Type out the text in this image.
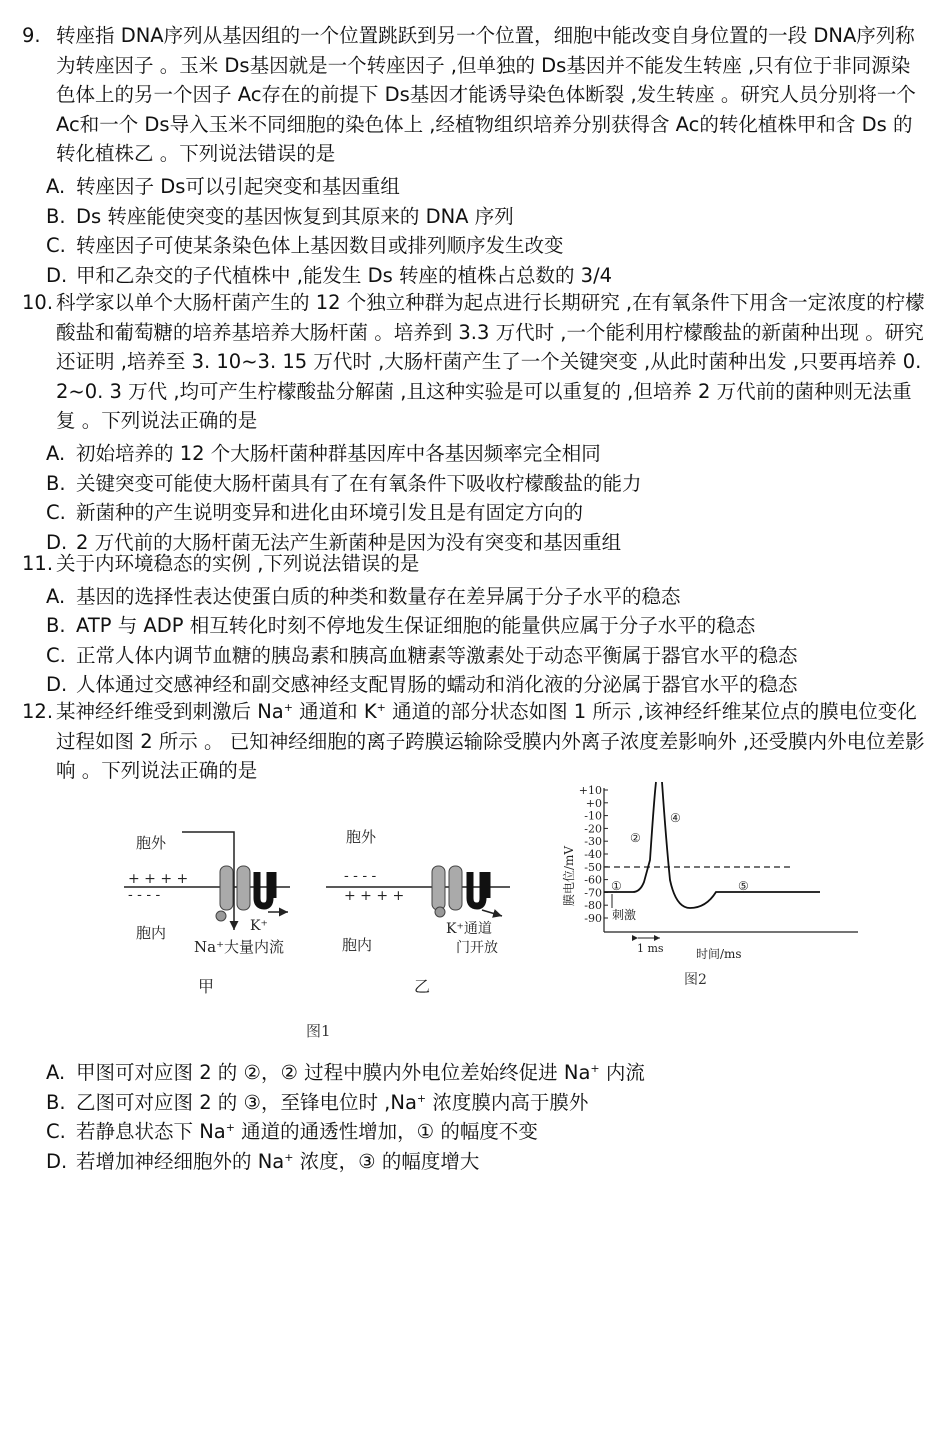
9. 转座指 DNA序列从基因组的一个位置跳跃到另一个位置，细胞中能改变自身位置的一段 DNA序列称为转座因子 。玉米 Ds基因就是一个转座因子 ,但单独的 Ds基因并不能发生转座 ,只有位于非同源染色体上的另一个因子 Ac存在的前提下 Ds基因才能诱导染色体断裂 ,发生转座 。研究人员分别将一个 Ac和一个 Ds导入玉米不同细胞的染色体上 ,经植物组织培养分别获得含 Ac的转化植株甲和含 Ds 的转化植株乙 。下列说法错误的是

A. 转座因子 Ds可以引起突变和基因重组

B. Ds 转座能使突变的基因恢复到其原来的 DNA 序列

C. 转座因子可使某条染色体上基因数目或排列顺序发生改变

D. 甲和乙杂交的子代植株中 ,能发生 Ds 转座的植株占总数的 3/4

10. 科学家以单个大肠杆菌产生的 12 个独立种群为起点进行长期研究 ,在有氧条件下用含一定浓度的柠檬酸盐和葡萄糖的培养基培养大肠杆菌 。培养到 3.3 万代时 ,一个能利用柠檬酸盐的新菌种出现 。研究还证明 ,培养至 3. 10~3. 15 万代时 ,大肠杆菌产生了一个关键突变 ,从此时菌种出发 ,只要再培养 0. 2~0. 3 万代 ,均可产生柠檬酸盐分解菌 ,且这种实验是可以重复的 ,但培养 2 万代前的菌种则无法重复 。下列说法正确的是

A. 初始培养的 12 个大肠杆菌种群基因库中各基因频率完全相同

B. 关键突变可能使大肠杆菌具有了在有氧条件下吸收柠檬酸盐的能力

C. 新菌种的产生说明变异和进化由环境引发且是有固定方向的

D. 2 万代前的大肠杆菌无法产生新菌种是因为没有突变和基因重组

11. 关于内环境稳态的实例 ,下列说法错误的是

A. 基因的选择性表达使蛋白质的种类和数量存在差异属于分子水平的稳态

B. ATP 与 ADP 相互转化时刻不停地发生保证细胞的能量供应属于分子水平的稳态

C. 正常人体内调节血糖的胰岛素和胰高血糖素等激素处于动态平衡属于器官水平的稳态

D. 人体通过交感神经和副交感神经支配胃肠的蠕动和消化液的分泌属于器官水平的稳态

12. 某神经纤维受到刺激后 Na+ 通道和 K+ 通道的部分状态如图 1 所示 ,该神经纤维某位点的膜电位变化过程如图 2 所示 。 已知神经细胞的离子跨膜运输除受膜内外离子浓度差影响外 ,还受膜内外电位差影响 。下列说法正确的是

胞外
+ + + +
- - - -
胞内	K⁺
Na⁺大量内流
甲
胞外
- - - -
+ + + +
胞内
K⁺通道
门开放
乙
图1
膜电位/mV
+10
+0
-10
-20
-30
-40
-50
-60
-70
-80
-90
①
②
④
⑤
刺激
1 ms	时间/ms
图2

A. 甲图可对应图 2 的 ②，② 过程中膜内外电位差始终促进 Na+ 内流

B. 乙图可对应图 2 的 ③，至锋电位时 ,Na+ 浓度膜内高于膜外

C. 若静息状态下 Na+ 通道的通透性增加，① 的幅度不变

D. 若增加神经细胞外的 Na+ 浓度，③ 的幅度增大
